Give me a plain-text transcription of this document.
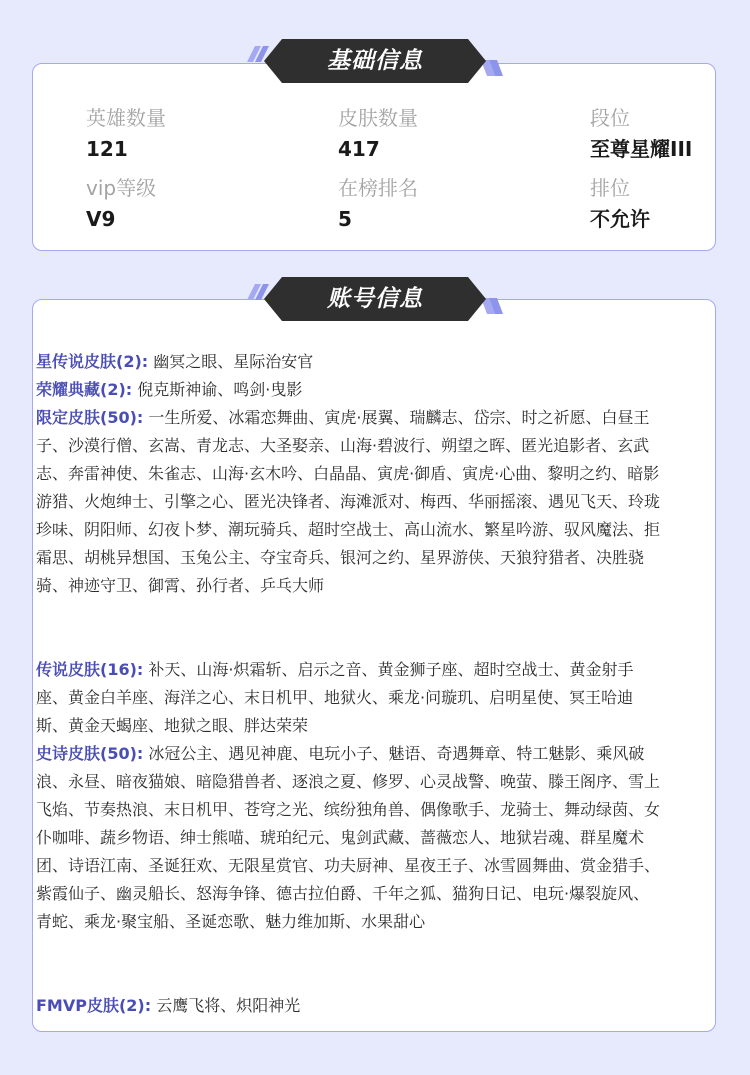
基础信息
英雄数量
121
皮肤数量
417
段位
至尊星耀III
vip等级
V9
在榜排名
5
排位
不允许
账号信息
星传说皮肤(2): 幽冥之眼、星际治安官
荣耀典藏(2): 倪克斯神谕、鸣剑·曳影
限定皮肤(50): 一生所爱、冰霜恋舞曲、寅虎·展翼、瑞麟志、岱宗、时之祈愿、白昼王子、沙漠行僧、玄嵩、青龙志、大圣娶亲、山海·碧波行、朔望之晖、匿光追影者、玄武志、奔雷神使、朱雀志、山海·玄木吟、白晶晶、寅虎·御盾、寅虎·心曲、黎明之约、暗影游猎、火炮绅士、引擎之心、匿光决锋者、海滩派对、梅西、华丽摇滚、遇见飞天、玲珑珍味、阴阳师、幻夜卜梦、潮玩骑兵、超时空战士、高山流水、繁星吟游、驭风魔法、拒霜思、胡桃异想国、玉兔公主、夺宝奇兵、银河之约、星界游侠、天狼狩猎者、决胜骁骑、神迹守卫、御霄、孙行者、乒乓大师
传说皮肤(16): 补天、山海·炽霜斩、启示之音、黄金狮子座、超时空战士、黄金射手座、黄金白羊座、海洋之心、末日机甲、地狱火、乘龙·问璇玑、启明星使、冥王哈迪斯、黄金天蝎座、地狱之眼、胖达荣荣
史诗皮肤(50): 冰冠公主、遇见神鹿、电玩小子、魅语、奇遇舞章、特工魅影、乘风破浪、永昼、暗夜猫娘、暗隐猎兽者、逐浪之夏、修罗、心灵战警、晚萤、滕王阁序、雪上飞焰、节奏热浪、末日机甲、苍穹之光、缤纷独角兽、偶像歌手、龙骑士、舞动绿茵、女仆咖啡、蔬乡物语、绅士熊喵、琥珀纪元、鬼剑武藏、蔷薇恋人、地狱岩魂、群星魔术团、诗语江南、圣诞狂欢、无限星赏官、功夫厨神、星夜王子、冰雪圆舞曲、赏金猎手、紫霞仙子、幽灵船长、怒海争锋、德古拉伯爵、千年之狐、猫狗日记、电玩·爆裂旋风、青蛇、乘龙·聚宝船、圣诞恋歌、魅力维加斯、水果甜心
FMVP皮肤(2): 云鹰飞将、炽阳神光
